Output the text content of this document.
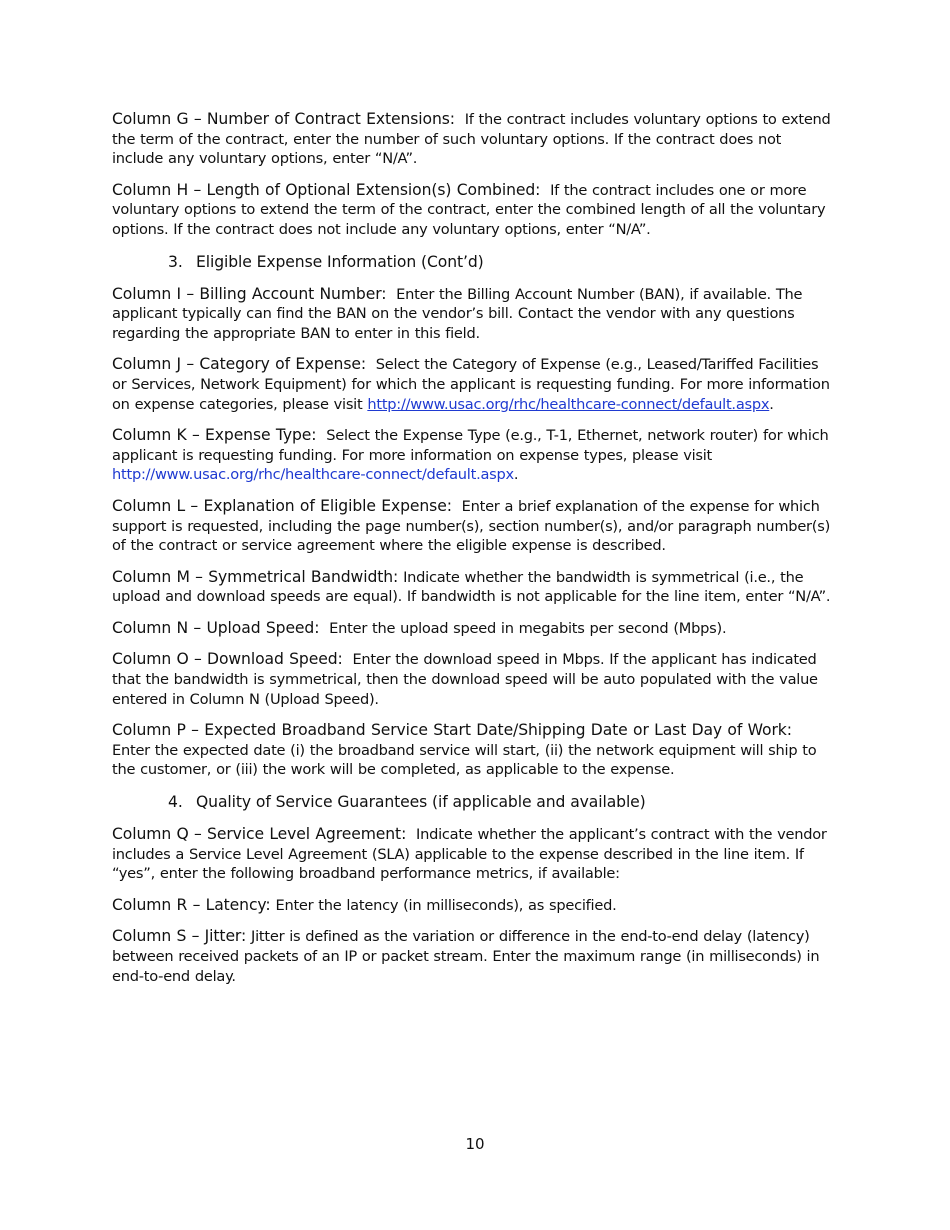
Column G – Number of Contract Extensions: If the contract includes voluntary options to extend the term of the contract, enter the number of such voluntary options. If the contract does not include any voluntary options, enter “N/A”.

Column H – Length of Optional Extension(s) Combined: If the contract includes one or more voluntary options to extend the term of the contract, enter the combined length of all the voluntary options. If the contract does not include any voluntary options, enter “N/A”.

3. Eligible Expense Information (Cont’d)

Column I – Billing Account Number: Enter the Billing Account Number (BAN), if available. The applicant typically can find the BAN on the vendor’s bill. Contact the vendor with any questions regarding the appropriate BAN to enter in this field.

Column J – Category of Expense: Select the Category of Expense (e.g., Leased/Tariffed Facilities or Services, Network Equipment) for which the applicant is requesting funding. For more information on expense categories, please visit http://www.usac.org/rhc/healthcare-connect/default.aspx.

Column K – Expense Type: Select the Expense Type (e.g., T-1, Ethernet, network router) for which applicant is requesting funding. For more information on expense types, please visit http://www.usac.org/rhc/healthcare-connect/default.aspx.

Column L – Explanation of Eligible Expense: Enter a brief explanation of the expense for which support is requested, including the page number(s), section number(s), and/or paragraph number(s) of the contract or service agreement where the eligible expense is described.

Column M – Symmetrical Bandwidth: Indicate whether the bandwidth is symmetrical (i.e., the upload and download speeds are equal). If bandwidth is not applicable for the line item, enter “N/A”.

Column N – Upload Speed: Enter the upload speed in megabits per second (Mbps).

Column O – Download Speed: Enter the download speed in Mbps. If the applicant has indicated that the bandwidth is symmetrical, then the download speed will be auto populated with the value entered in Column N (Upload Speed).

Column P – Expected Broadband Service Start Date/Shipping Date or Last Day of Work: Enter the expected date (i) the broadband service will start, (ii) the network equipment will ship to the customer, or (iii) the work will be completed, as applicable to the expense.

4. Quality of Service Guarantees (if applicable and available)

Column Q – Service Level Agreement: Indicate whether the applicant’s contract with the vendor includes a Service Level Agreement (SLA) applicable to the expense described in the line item. If “yes”, enter the following broadband performance metrics, if available:

Column R – Latency: Enter the latency (in milliseconds), as specified.

Column S – Jitter: Jitter is defined as the variation or difference in the end-to-end delay (latency) between received packets of an IP or packet stream. Enter the maximum range (in milliseconds) in end-to-end delay.

10
